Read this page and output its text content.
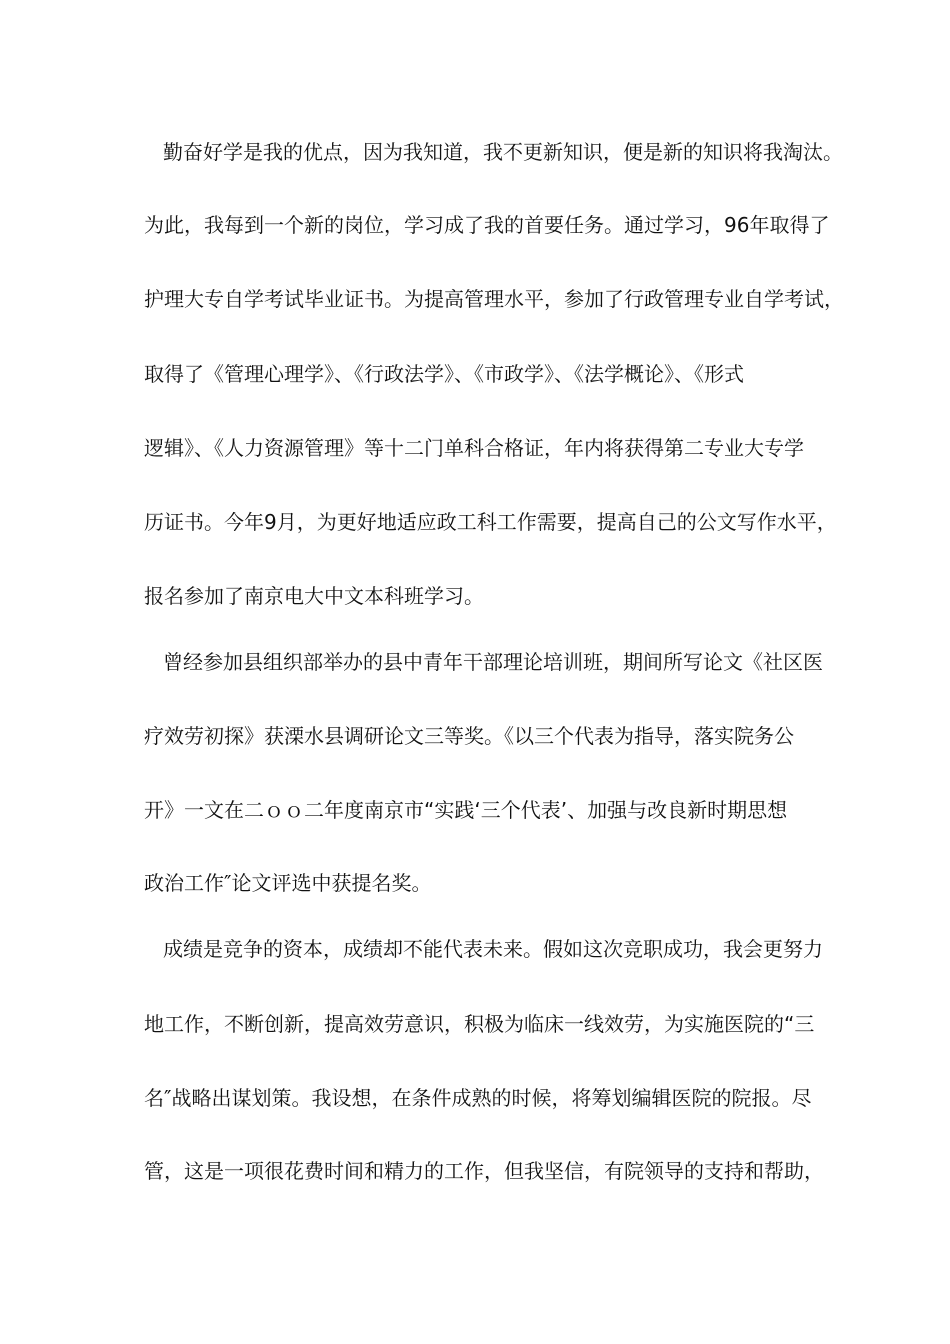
勤奋好学是我的优点，因为我知道，我不更新知识，便是新的知识将我淘汰。
为此，我每到一个新的岗位，学习成了我的首要任务。通过学习，96年取得了
护理大专自学考试毕业证书。为提高管理水平，参加了行政管理专业自学考试，
取得了《管理心理学》、《行政法学》、《市政学》、《法学概论》、《形式
逻辑》、《人力资源管理》等十二门单科合格证，年内将获得第二专业大专学
历证书。今年9月，为更好地适应政工科工作需要，提高自己的公文写作水平，
报名参加了南京电大中文本科班学习。
曾经参加县组织部举办的县中青年干部理论培训班，期间所写论文《社区医
疗效劳初探》获溧水县调研论文三等奖。《以三个代表为指导，落实院务公
开》一文在二ｏｏ二年度南京市“实践‘三个代表’、加强与改良新时期思想
政治工作″论文评选中获提名奖。
成绩是竞争的资本，成绩却不能代表未来。假如这次竞职成功，我会更努力
地工作，不断创新，提高效劳意识，积极为临床一线效劳，为实施医院的“三
名″战略出谋划策。我设想，在条件成熟的时候，将筹划编辑医院的院报。尽
管，这是一项很花费时间和精力的工作，但我坚信，有院领导的支持和帮助，
